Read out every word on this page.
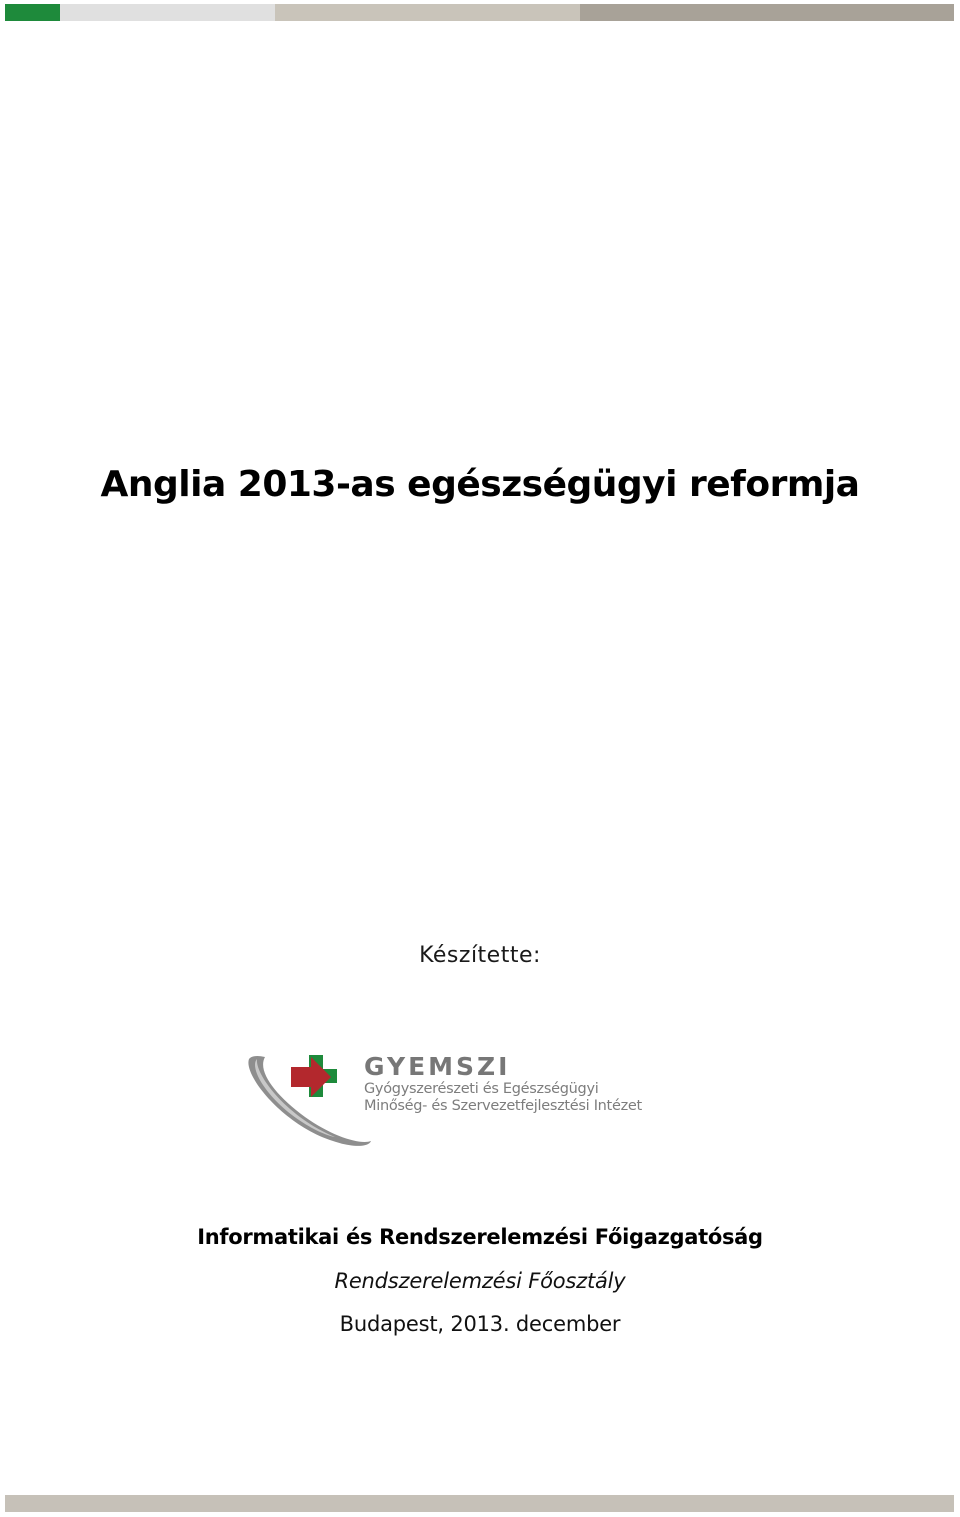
Anglia 2013-as egészségügyi reformja
Készítette:
GYEMSZI
Gyógyszerészeti és Egészségügyi
Minőség- és Szervezetfejlesztési Intézet
Informatikai és Rendszerelemzési Főigazgatóság
Rendszerelemzési Főosztály
Budapest, 2013. december
